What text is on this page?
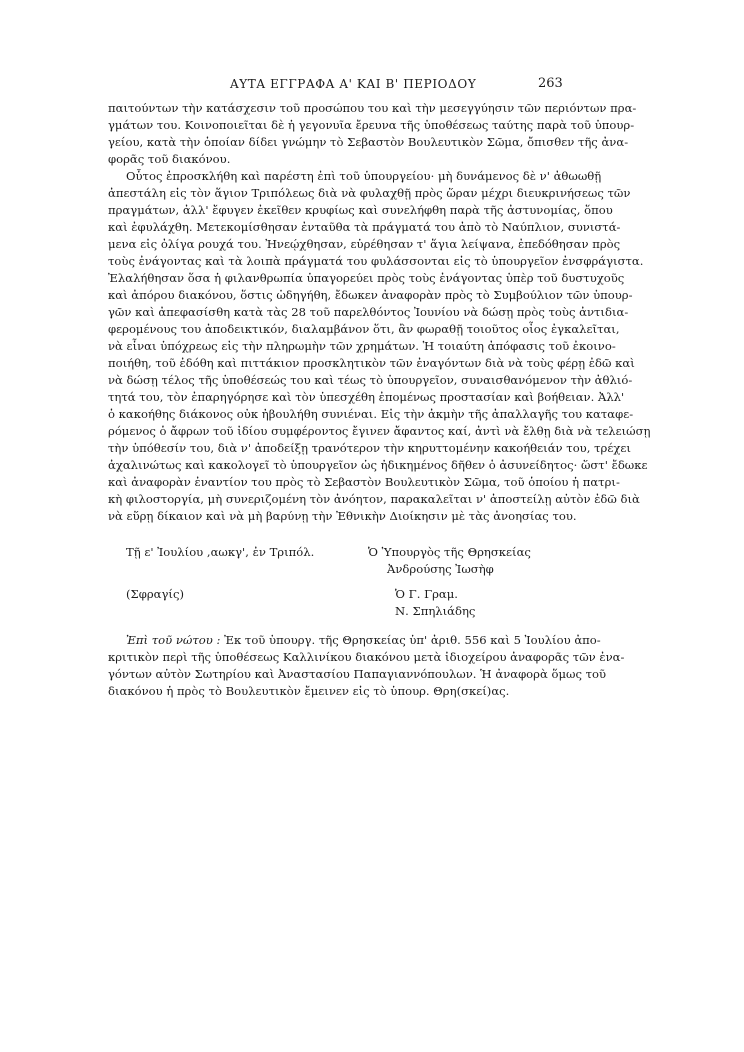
ΑΥΤΑ ΕΓΓΡΑΦΑ Α' ΚΑΙ Β' ΠΕΡΙΟΔΟΥ	263
παιτούντων τὴν κατάσχεσιν τοῦ προσώπου του καὶ τὴν μεσεγγύησιν τῶν περιόντων πρα-
γμάτων του. Κοινοποιεῖται δὲ ἡ γεγονυῖα ἔρευνα τῆς ὑποθέσεως ταύτης παρὰ τοῦ ὑπουρ-
γείου, κατὰ τὴν ὁποίαν δίδει γνώμην τὸ Σεβαστὸν Βουλευτικὸν Σῶμα, ὄπισθεν τῆς ἀνα-
φορᾶς τοῦ διακόνου.
Οὗτος ἐπροσκλήθη καὶ παρέστη ἐπὶ τοῦ ὑπουργείου· μὴ δυνάμενος δὲ ν' ἀθωωθῇ
ἀπεστάλη εἰς τὸν ἅγιον Τριπόλεως διὰ νὰ φυλαχθῇ πρὸς ὥραν μέχρι διευκρινήσεως τῶν
πραγμάτων, ἀλλ' ἔφυγεν ἐκεῖθεν κρυφίως καὶ συνελήφθη παρὰ τῆς ἀστυνομίας, ὅπου
καὶ ἐφυλάχθη. Μετεκομίσθησαν ἐνταῦθα τὰ πράγματά του ἀπὸ τὸ Ναύπλιον, συνιστά-
μενα εἰς ὀλίγα ρουχά του. Ἠνεῴχθησαν, εὑρέθησαν τ' ἅγια λείψανα, ἐπεδόθησαν πρὸς
τοὺς ἐνάγοντας καὶ τὰ λοιπὰ πράγματά του φυλάσσονται εἰς τὸ ὑπουργεῖον ἐνσφράγιστα.
Ἐλαλήθησαν ὅσα ἡ φιλανθρωπία ὑπαγορεύει πρὸς τοὺς ἐνάγοντας ὑπὲρ τοῦ δυστυχοῦς
καὶ ἀπόρου διακόνου, ὅστις ὡδηγήθη, ἔδωκεν ἀναφορὰν πρὸς τὸ Συμβούλιον τῶν ὑπουρ-
γῶν καὶ ἀπεφασίσθη κατὰ τὰς 28 τοῦ παρελθόντος Ἰουνίου νὰ δώσῃ πρὸς τοὺς ἀντιδια-
φερομένους του ἀποδεικτικόν, διαλαμβάνον ὅτι, ἂν φωραθῇ τοιοῦτος οἷος ἐγκαλεῖται,
νὰ εἶναι ὑπόχρεως εἰς τὴν πληρωμὴν τῶν χρημάτων. Ἡ τοιαύτη ἀπόφασις τοῦ ἐκοινο-
ποιήθη, τοῦ ἐδόθη καὶ πιττάκιον προσκλητικὸν τῶν ἐναγόντων διὰ νὰ τοὺς φέρῃ ἐδῶ καὶ
νὰ δώσῃ τέλος τῆς ὑποθέσεώς του καὶ τέως τὸ ὑπουργεῖον, συναισθανόμενον τὴν ἀθλιό-
τητά του, τὸν ἐπαρηγόρησε καὶ τὸν ὑπεσχέθη ἐπομένως προστασίαν καὶ βοήθειαν. Ἀλλ'
ὁ κακοήθης διάκονος οὐκ ἠβουλήθη συνιέναι. Εἰς τὴν ἀκμὴν τῆς ἀπαλλαγῆς του καταφε-
ρόμενος ὁ ἄφρων τοῦ ἰδίου συμφέροντος ἔγινεν ἄφαντος καί, ἀντὶ νὰ ἔλθῃ διὰ νὰ τελειώσῃ
τὴν ὑπόθεσίν του, διὰ ν' ἀποδείξῃ τρανότερον τὴν κηρυττομένην κακοήθειάν του, τρέχει
ἀχαλινώτως καὶ κακολογεῖ τὸ ὑπουργεῖον ὡς ἠδικημένος δῆθεν ὁ ἀσυνείδητος· ὥστ' ἔδωκε
καὶ ἀναφορὰν ἐναντίον του πρὸς τὸ Σεβαστὸν Βουλευτικὸν Σῶμα, τοῦ ὁποίου ἡ πατρι-
κὴ φιλοστοργία, μὴ συνεριζομένη τὸν ἀνόητον, παρακαλεῖται ν' ἀποστείλῃ αὐτὸν ἐδῶ διὰ
νὰ εὕρῃ δίκαιον καὶ νὰ μὴ βαρύνῃ τὴν Ἐθνικὴν Διοίκησιν μὲ τὰς ἀνοησίας του.
Τῇ ε' Ἰουλίου ,αωκγ', ἐν Τριπόλ.	Ὁ Ὑπουργὸς τῆς Θρησκείας
Ἀνδρούσης Ἰωσὴφ
(Σφραγίς)	Ὁ Γ. Γραμ.
Ν. Σπηλιάδης
Ἐπὶ τοῦ νώτου : Ἐκ τοῦ ὑπουργ. τῆς Θρησκείας ὑπ' ἀριθ. 556 καὶ 5 Ἰουλίου ἀπο-
κριτικὸν περὶ τῆς ὑποθέσεως Καλλινίκου διακόνου μετὰ ἰδιοχείρου ἀναφορᾶς τῶν ἐνα-
γόντων αὐτὸν Σωτηρίου καὶ Ἀναστασίου Παπαγιαννόπουλων. Ἡ ἀναφορὰ ὅμως τοῦ
διακόνου ἡ πρὸς τὸ Βουλευτικὸν ἔμεινεν εἰς τὸ ὑπουρ. Θρη(σκεί)ας.
